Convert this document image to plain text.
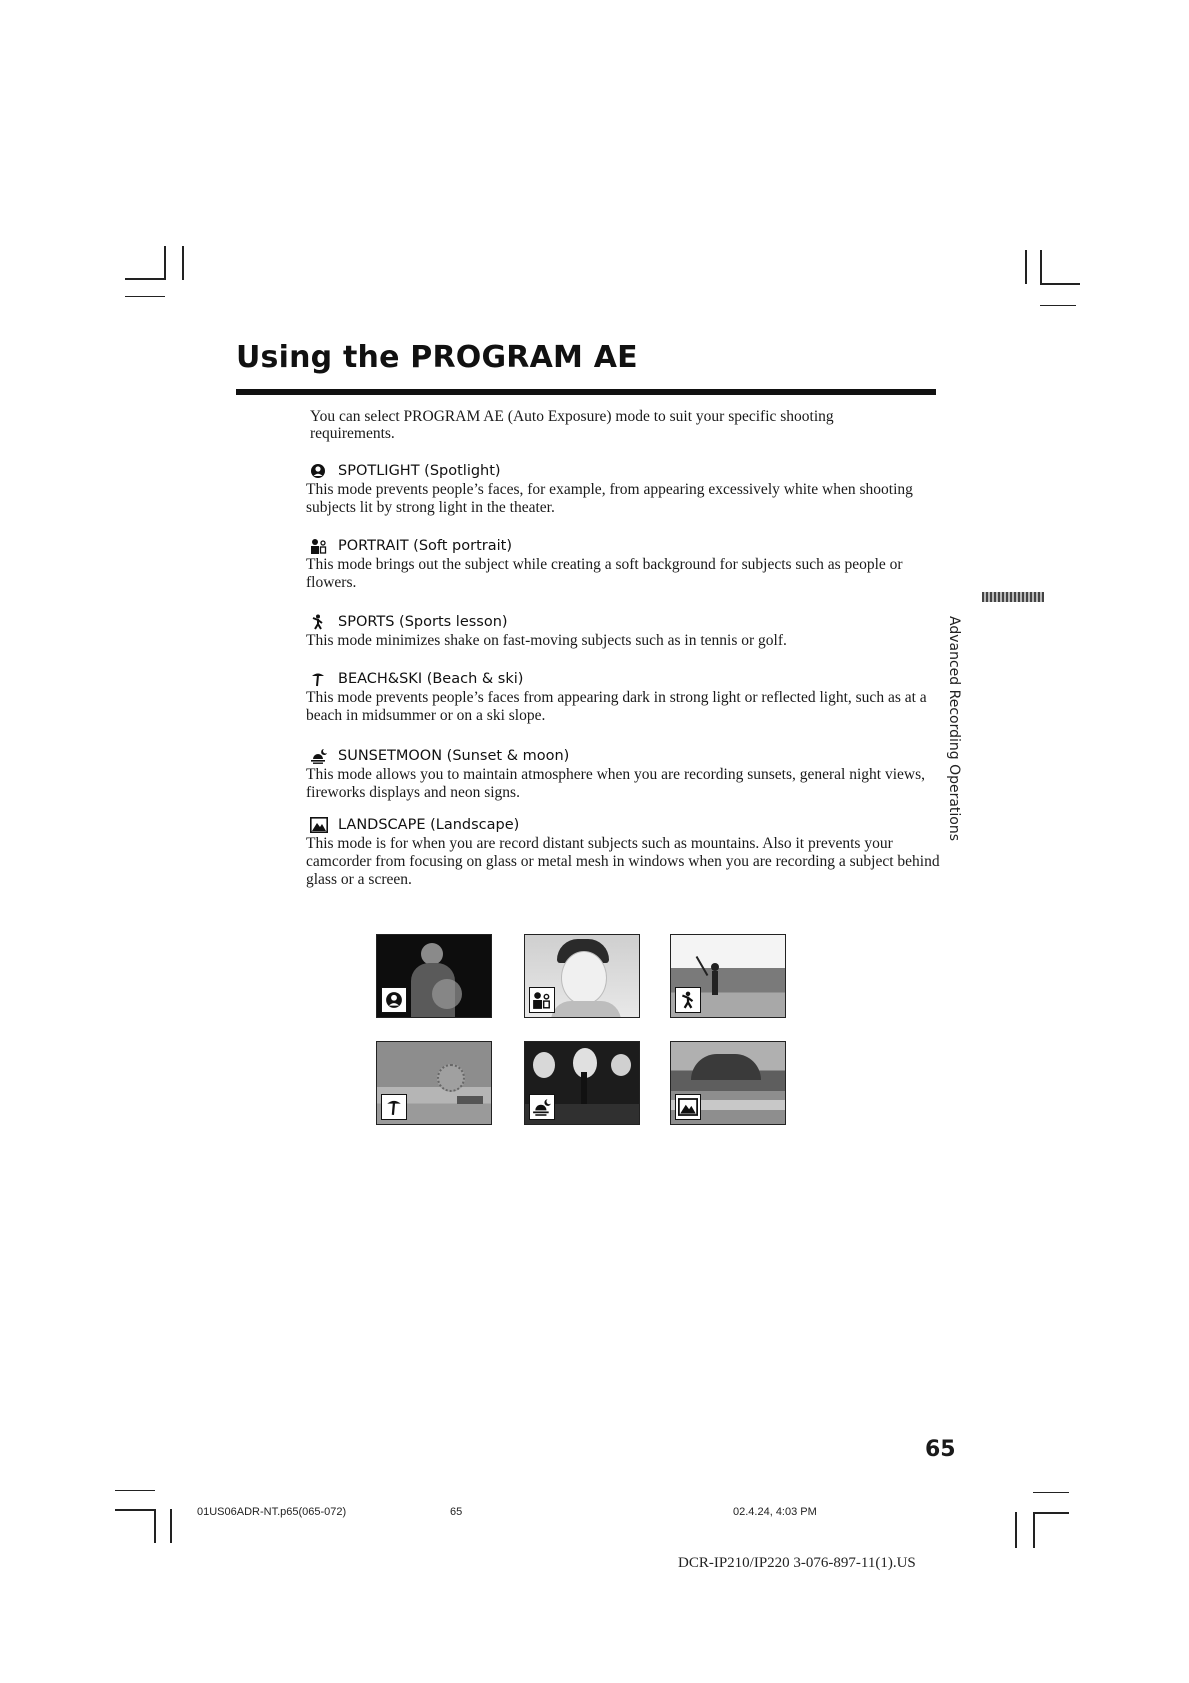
Using the PROGRAM AE

You can select PROGRAM AE (Auto Exposure) mode to suit your specific shooting requirements.

SPOTLIGHT (Spotlight)

This mode prevents people’s faces, for example, from appearing excessively white when shooting subjects lit by strong light in the theater.

PORTRAIT (Soft portrait)

This mode brings out the subject while creating a soft background for subjects such as people or flowers.

SPORTS (Sports lesson)

This mode minimizes shake on fast-moving subjects such as in tennis or golf.

BEACH&SKI (Beach & ski)

This mode prevents people’s faces from appearing dark in strong light or reflected light, such as at a beach in midsummer or on a ski slope.

SUNSETMOON (Sunset & moon)

This mode allows you to maintain atmosphere when you are recording sunsets, general night views, fireworks displays and neon signs.

LANDSCAPE (Landscape)

This mode is for when you are record distant subjects such as mountains. Also it prevents your camcorder from focusing on glass or metal mesh in windows when you are recording a subject behind glass or a screen.

Advanced Recording Operations
65
01US06ADR-NT.p65(065-072)	65	02.4.24, 4:03 PM
DCR-IP210/IP220 3-076-897-11(1).US
